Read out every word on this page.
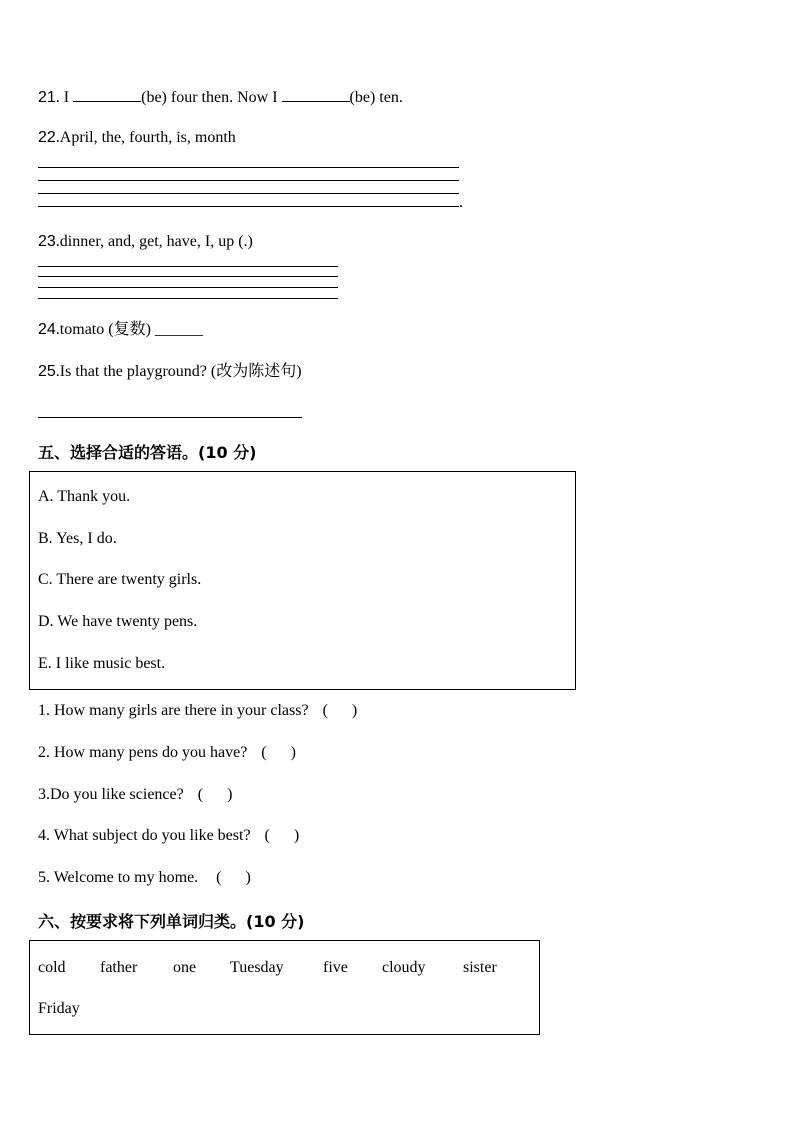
21. I	(be) four then. Now I	(be) ten.
22.April, the, fourth, is, month
.
23.dinner, and, get, have, I, up (.)
24.tomato (复数) ______
25.Is that the playground? (改为陈述句)
五、选择合适的答语。(10 分)
A. Thank you.
B. Yes, I do.
C. There are twenty girls.
D. We have twenty pens.
E. I like music best.
1. How many girls are there in your class? (      )
2. How many pens do you have? (      )
3.Do you like science? (      )
4. What subject do you like best? (      )
5. Welcome to my home. (      )
六、按要求将下列单词归类。(10 分)
cold father one Tuesday five cloudy sister
Friday
